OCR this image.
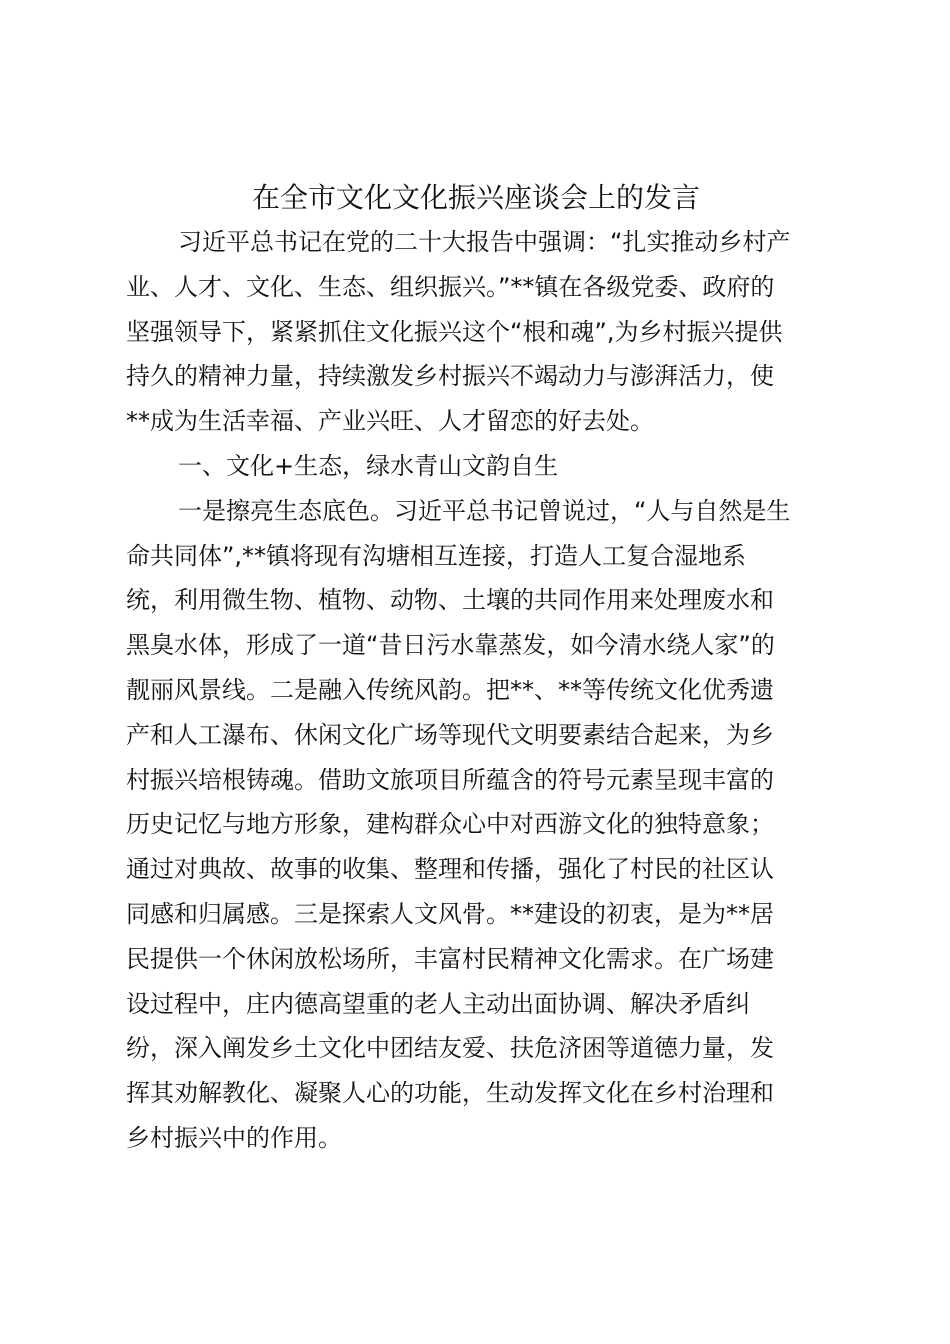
在全市文化文化振兴座谈会上的发言
习近平总书记在党的二十大报告中强调：“扎实推动乡村产
业、人才、文化、生态、组织振兴。”**镇在各级党委、政府的
坚强领导下，紧紧抓住文化振兴这个“根和魂”,为乡村振兴提供
持久的精神力量，持续激发乡村振兴不竭动力与澎湃活力，使
**成为生活幸福、产业兴旺、人才留恋的好去处。
一、文化+生态，绿水青山文韵自生
一是擦亮生态底色。习近平总书记曾说过，“人与自然是生
命共同体”,**镇将现有沟塘相互连接，打造人工复合湿地系
统，利用微生物、植物、动物、土壤的共同作用来处理废水和
黑臭水体，形成了一道“昔日污水靠蒸发，如今清水绕人家”的
靓丽风景线。二是融入传统风韵。把**、**等传统文化优秀遗
产和人工瀑布、休闲文化广场等现代文明要素结合起来，为乡
村振兴培根铸魂。借助文旅项目所蕴含的符号元素呈现丰富的
历史记忆与地方形象，建构群众心中对西游文化的独特意象；
通过对典故、故事的收集、整理和传播，强化了村民的社区认
同感和归属感。三是探索人文风骨。**建设的初衷，是为**居
民提供一个休闲放松场所，丰富村民精神文化需求。在广场建
设过程中，庄内德高望重的老人主动出面协调、解决矛盾纠
纷，深入阐发乡土文化中团结友爱、扶危济困等道德力量，发
挥其劝解教化、凝聚人心的功能，生动发挥文化在乡村治理和
乡村振兴中的作用。
